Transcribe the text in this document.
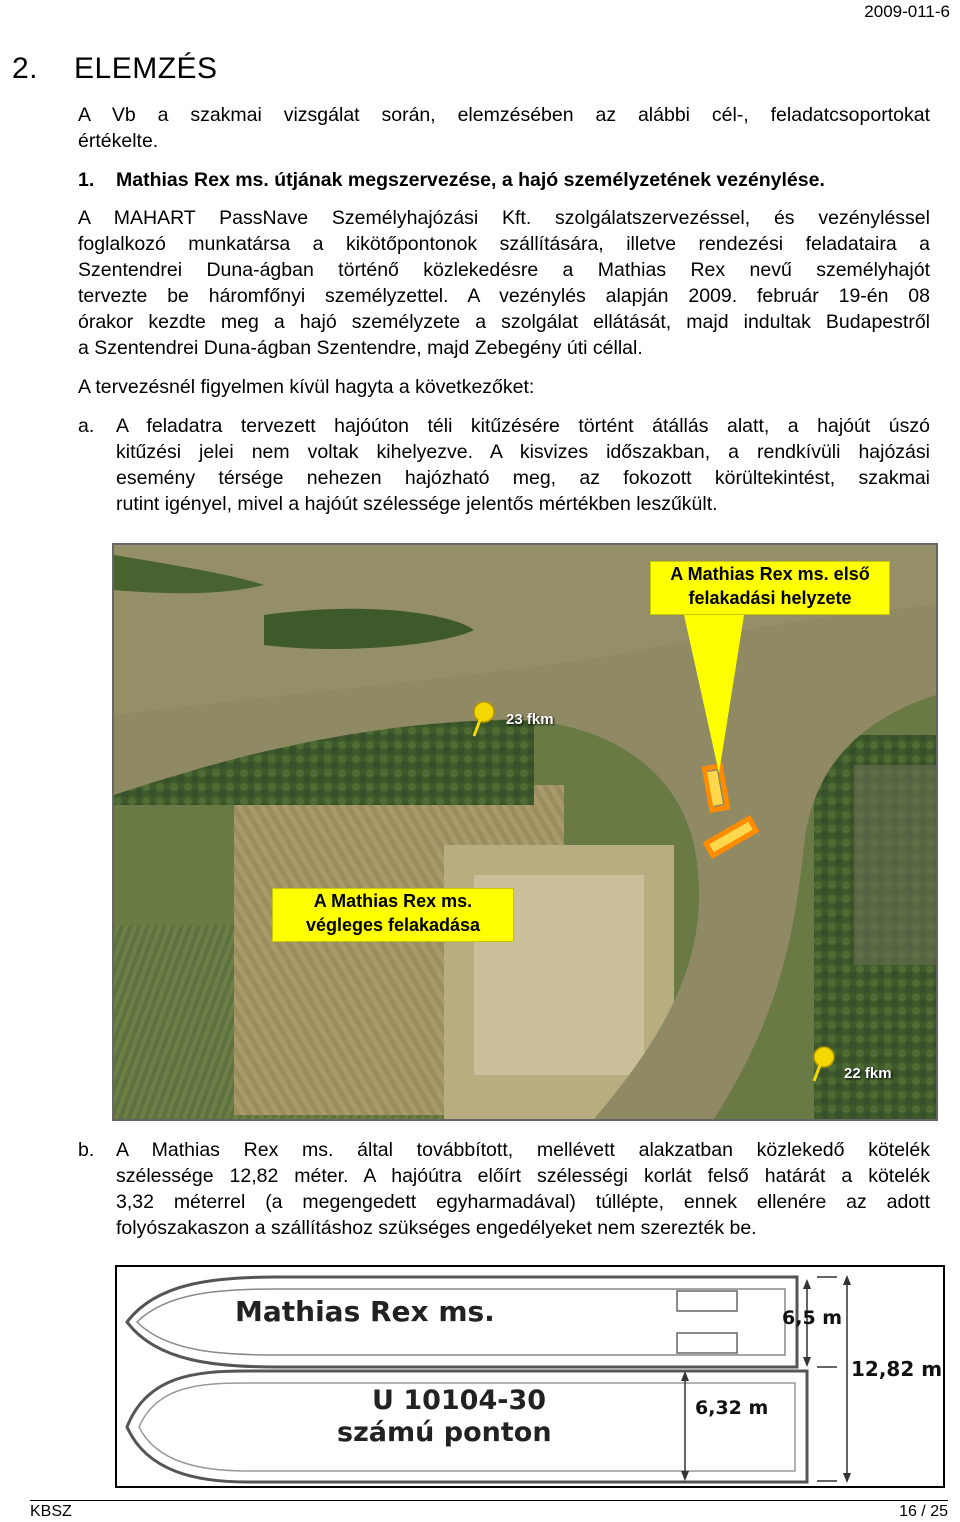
2009-011-6
2. ELEMZÉS
A Vb a szakmai vizsgálat során, elemzésében az alábbi cél-, feladatcsoportokat
értékelte.
1. Mathias Rex ms. útjának megszervezése, a hajó személyzetének vezénylése.
A MAHART PassNave Személyhajózási Kft. szolgálatszervezéssel, és vezényléssel
foglalkozó munkatársa a kikötőpontonok szállítására, illetve rendezési feladataira a
Szentendrei Duna-ágban történő közlekedésre a Mathias Rex nevű személyhajót
tervezte be háromfőnyi személyzettel. A vezénylés alapján 2009. február 19-én 08
órakor kezdte meg a hajó személyzete a szolgálat ellátását, majd indultak Budapestről
a Szentendrei Duna-ágban Szentendre, majd Zebegény úti céllal.
A tervezésnél figyelmen kívül hagyta a következőket:
a. A feladatra tervezett hajóúton téli kitűzésére történt átállás alatt, a hajóút úszó
kitűzési jelei nem voltak kihelyezve. A kisvizes időszakban, a rendkívüli hajózási
esemény térsége nehezen hajózható meg, az fokozott körültekintést, szakmai
rutint igényel, mivel a hajóút szélessége jelentős mértékben leszűkült.
A Mathias Rex ms. első
felakadási helyzete
A Mathias Rex ms.
végleges felakadása
23 fkm
22 fkm
b. A Mathias Rex ms. által továbbított, mellévett alakzatban közlekedő kötelék
szélessége 12,82 méter. A hajóútra előírt szélességi korlát felső határát a kötelék
3,32 méterrel (a megengedett egyharmadával) túllépte, ennek ellenére az adott
folyószakaszon a szállításhoz szükséges engedélyeket nem szerezték be.
Mathias Rex ms.
U 10104-30
számú ponton
6,5 m
12,82 m
6,32 m
KBSZ	16 / 25
